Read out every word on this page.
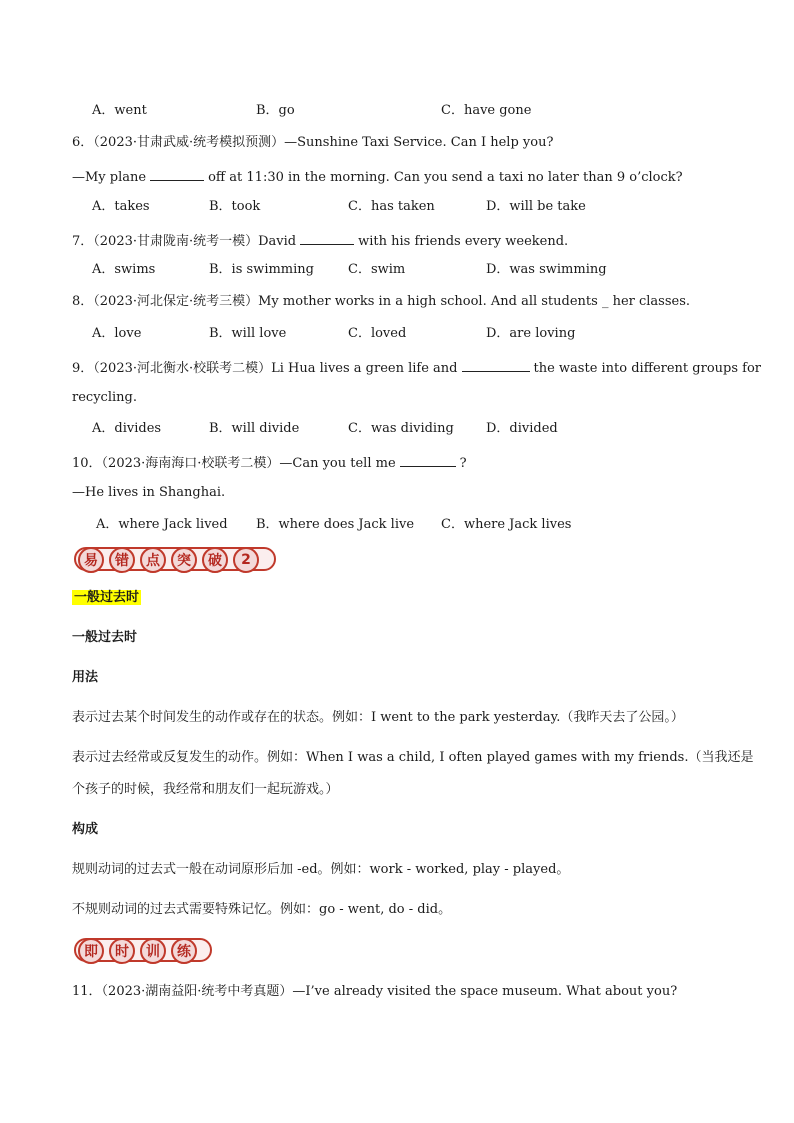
A．went	B．go	C．have gone
6．（2023·甘肃武威·统考模拟预测）—Sunshine Taxi Service. Can I help you?
—My plane	off at 11:30 in the morning. Can you send a taxi no later than 9 o’clock?
A．takes	B．took	C．has taken	D．will be take
7．（2023·甘肃陇南·统考一模）David	with his friends every weekend.
A．swims	B．is swimming	C．swim	D．was swimming
8．（2023·河北保定·统考三模）My mother works in a high school. And all students _ her classes.
A．love	B．will love	C．loved	D．are loving
9．（2023·河北衡水·校联考二模）Li Hua lives a green life and	the waste into different groups for
recycling.
A．divides	B．will divide	C．was dividing D．divided
10．（2023·海南海口·校联考二模）—Can you tell me	?
—He lives in Shanghai.
A．where Jack lived B．where does Jack live C．where Jack lives
易	错	点	突	破	2
一般过去时
一般过去时
用法
表示过去某个时间发生的动作或存在的状态。例如：I went to the park yesterday.（我昨天去了公园。）
表示过去经常或反复发生的动作。例如：When I was a child, I often played games with my friends.（当我还是
个孩子的时候，我经常和朋友们一起玩游戏。）
构成
规则动词的过去式一般在动词原形后加 -ed。例如：work - worked, play - played。
不规则动词的过去式需要特殊记忆。例如：go - went, do - did。
即	时	训	练
11．（2023·湖南益阳·统考中考真题）—I’ve already visited the space museum. What about you?
